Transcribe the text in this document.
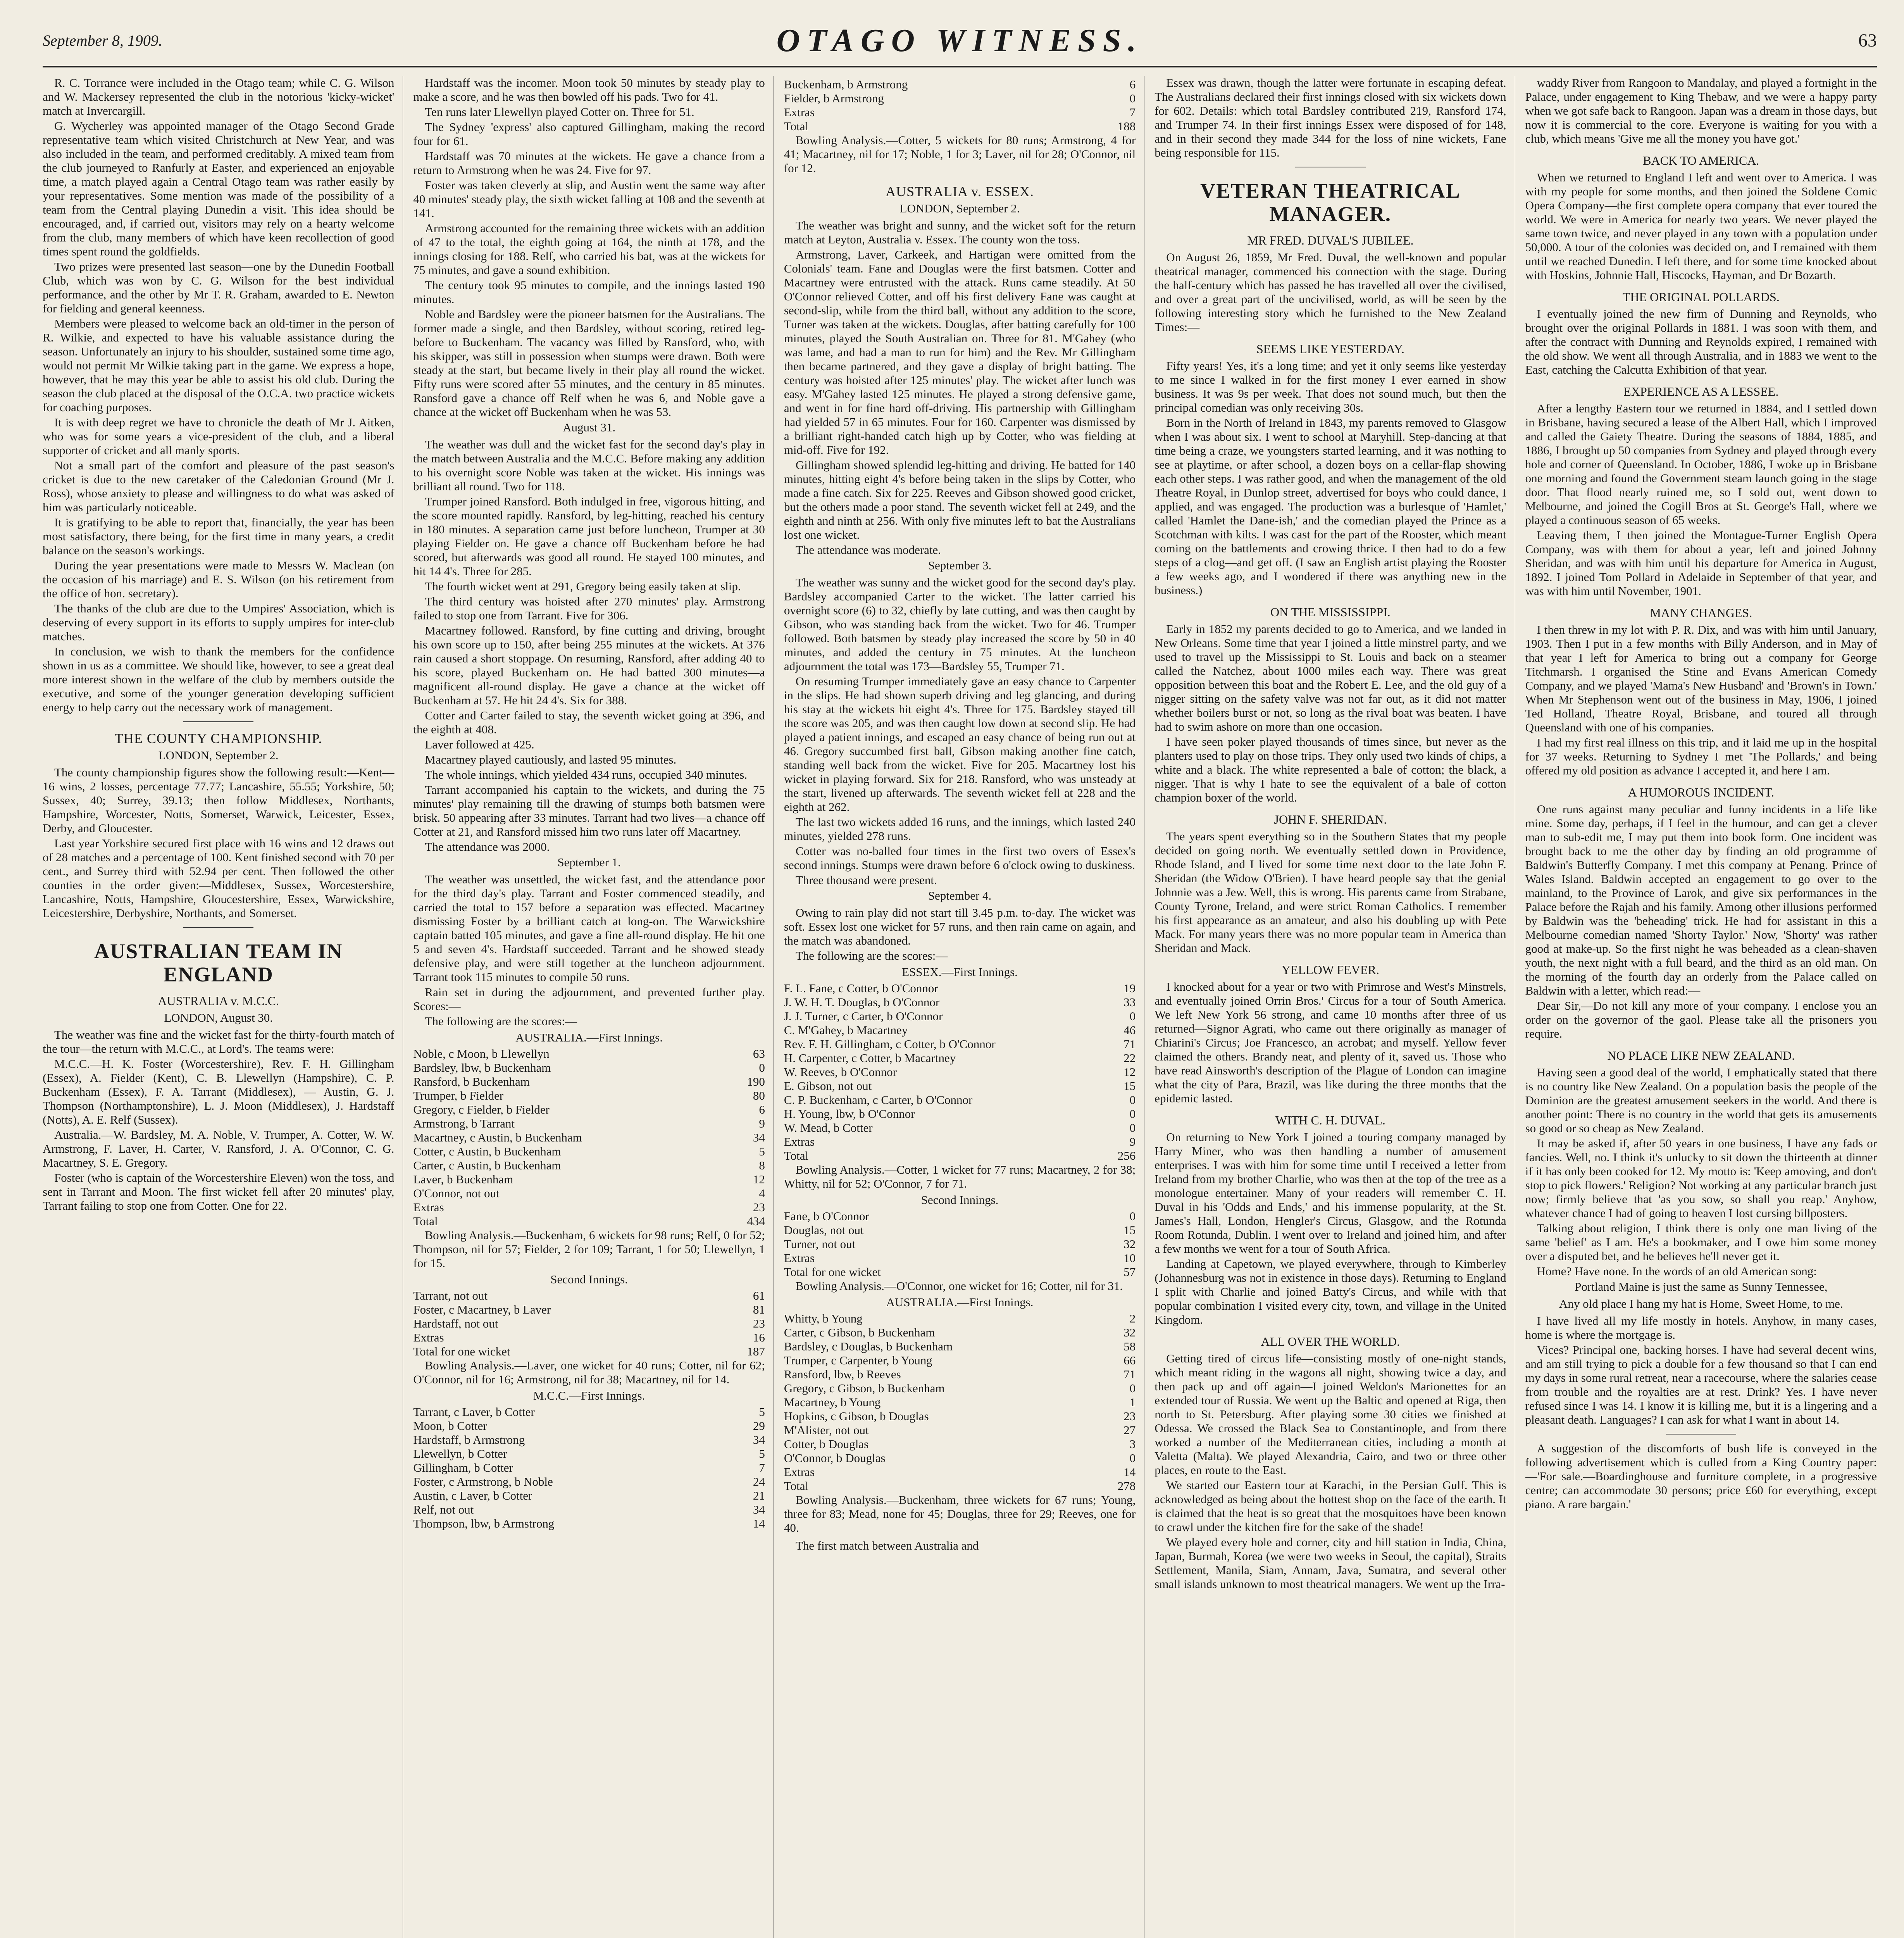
September 8, 1909.	OTAGO WITNESS.	63

R. C. Torrance were included in the Otago team; while C. G. Wilson and W. Mackersey represented the club in the notorious 'kicky-wicket' match at Invercargill.

G. Wycherley was appointed manager of the Otago Second Grade representative team which visited Christchurch at New Year, and was also included in the team, and performed creditably. A mixed team from the club journeyed to Ranfurly at Easter, and experienced an enjoyable time, a match played again a Central Otago team was rather easily by your representatives. Some mention was made of the possibility of a team from the Central playing Dunedin a visit. This idea should be encouraged, and, if carried out, visitors may rely on a hearty welcome from the club, many members of which have keen recollection of good times spent round the goldfields.

Two prizes were presented last season—one by the Dunedin Football Club, which was won by C. G. Wilson for the best individual performance, and the other by Mr T. R. Graham, awarded to E. Newton for fielding and general keenness.

Members were pleased to welcome back an old-timer in the person of R. Wilkie, and expected to have his valuable assistance during the season. Unfortunately an injury to his shoulder, sustained some time ago, would not permit Mr Wilkie taking part in the game. We express a hope, however, that he may this year be able to assist his old club. During the season the club placed at the disposal of the O.C.A. two practice wickets for coaching purposes.

It is with deep regret we have to chronicle the death of Mr J. Aitken, who was for some years a vice-president of the club, and a liberal supporter of cricket and all manly sports.

Not a small part of the comfort and pleasure of the past season's cricket is due to the new caretaker of the Caledonian Ground (Mr J. Ross), whose anxiety to please and willingness to do what was asked of him was particularly noticeable.

It is gratifying to be able to report that, financially, the year has been most satisfactory, there being, for the first time in many years, a credit balance on the season's workings.

During the year presentations were made to Messrs W. Maclean (on the occasion of his marriage) and E. S. Wilson (on his retirement from the office of hon. secretary).

The thanks of the club are due to the Umpires' Association, which is deserving of every support in its efforts to supply umpires for inter-club matches.

In conclusion, we wish to thank the members for the confidence shown in us as a committee. We should like, however, to see a great deal more interest shown in the welfare of the club by members outside the executive, and some of the younger generation developing sufficient energy to help carry out the necessary work of management.

THE COUNTY CHAMPIONSHIP.
LONDON, September 2.

The county championship figures show the following result:—Kent—16 wins, 2 losses, percentage 77.77; Lancashire, 55.55; Yorkshire, 50; Sussex, 40; Surrey, 39.13; then follow Middlesex, Northants, Hampshire, Worcester, Notts, Somerset, Warwick, Leicester, Essex, Derby, and Gloucester.

Last year Yorkshire secured first place with 16 wins and 12 draws out of 28 matches and a percentage of 100. Kent finished second with 70 per cent., and Surrey third with 52.94 per cent. Then followed the other counties in the order given:—Middlesex, Sussex, Worcestershire, Lancashire, Notts, Hampshire, Gloucestershire, Essex, Warwickshire, Leicestershire, Derbyshire, Northants, and Somerset.

AUSTRALIAN TEAM IN ENGLAND
AUSTRALIA v. M.C.C.
LONDON, August 30.

The weather was fine and the wicket fast for the thirty-fourth match of the tour—the return with M.C.C., at Lord's. The teams were:

M.C.C.—H. K. Foster (Worcestershire), Rev. F. H. Gillingham (Essex), A. Fielder (Kent), C. B. Llewellyn (Hampshire), C. P. Buckenham (Essex), F. A. Tarrant (Middlesex), — Austin, G. J. Thompson (Northamptonshire), L. J. Moon (Middlesex), J. Hardstaff (Notts), A. E. Relf (Sussex).

Australia.—W. Bardsley, M. A. Noble, V. Trumper, A. Cotter, W. W. Armstrong, F. Laver, H. Carter, V. Ransford, J. A. O'Connor, C. G. Macartney, S. E. Gregory.

Foster (who is captain of the Worcestershire Eleven) won the toss, and sent in Tarrant and Moon. The first wicket fell after 20 minutes' play, Tarrant failing to stop one from Cotter. One for 22.

Hardstaff was the incomer. Moon took 50 minutes by steady play to make a score, and he was then bowled off his pads. Two for 41.

Ten runs later Llewellyn played Cotter on. Three for 51.

The Sydney 'express' also captured Gillingham, making the record four for 61.

Hardstaff was 70 minutes at the wickets. He gave a chance from a return to Armstrong when he was 24. Five for 97.

Foster was taken cleverly at slip, and Austin went the same way after 40 minutes' steady play, the sixth wicket falling at 108 and the seventh at 141.

Armstrong accounted for the remaining three wickets with an addition of 47 to the total, the eighth going at 164, the ninth at 178, and the innings closing for 188. Relf, who carried his bat, was at the wickets for 75 minutes, and gave a sound exhibition.

The century took 95 minutes to compile, and the innings lasted 190 minutes.

Noble and Bardsley were the pioneer batsmen for the Australians. The former made a single, and then Bardsley, without scoring, retired leg-before to Buckenham. The vacancy was filled by Ransford, who, with his skipper, was still in possession when stumps were drawn. Both were steady at the start, but became lively in their play all round the wicket. Fifty runs were scored after 55 minutes, and the century in 85 minutes. Ransford gave a chance off Relf when he was 6, and Noble gave a chance at the wicket off Buckenham when he was 53.

August 31.

The weather was dull and the wicket fast for the second day's play in the match between Australia and the M.C.C. Before making any addition to his overnight score Noble was taken at the wicket. His innings was brilliant all round. Two for 118.

Trumper joined Ransford. Both indulged in free, vigorous hitting, and the score mounted rapidly. Ransford, by leg-hitting, reached his century in 180 minutes. A separation came just before luncheon, Trumper at 30 playing Fielder on. He gave a chance off Buckenham before he had scored, but afterwards was good all round. He stayed 100 minutes, and hit 14 4's. Three for 285.

The fourth wicket went at 291, Gregory being easily taken at slip.

The third century was hoisted after 270 minutes' play. Armstrong failed to stop one from Tarrant. Five for 306.

Macartney followed. Ransford, by fine cutting and driving, brought his own score up to 150, after being 255 minutes at the wickets. At 376 rain caused a short stoppage. On resuming, Ransford, after adding 40 to his score, played Buckenham on. He had batted 300 minutes—a magnificent all-round display. He gave a chance at the wicket off Buckenham at 57. He hit 24 4's. Six for 388.

Cotter and Carter failed to stay, the seventh wicket going at 396, and the eighth at 408.

Laver followed at 425.

Macartney played cautiously, and lasted 95 minutes.

The whole innings, which yielded 434 runs, occupied 340 minutes.

Tarrant accompanied his captain to the wickets, and during the 75 minutes' play remaining till the drawing of stumps both batsmen were brisk. 50 appearing after 33 minutes. Tarrant had two lives—a chance off Cotter at 21, and Ransford missed him two runs later off Macartney.

The attendance was 2000.

September 1.

The weather was unsettled, the wicket fast, and the attendance poor for the third day's play. Tarrant and Foster commenced steadily, and carried the total to 157 before a separation was effected. Macartney dismissing Foster by a brilliant catch at long-on. The Warwickshire captain batted 105 minutes, and gave a fine all-round display. He hit one 5 and seven 4's. Hardstaff succeeded. Tarrant and he showed steady defensive play, and were still together at the luncheon adjournment. Tarrant took 115 minutes to compile 50 runs.

Rain set in during the adjournment, and prevented further play. Scores:—

The following are the scores:—

AUSTRALIA.—First Innings.
Noble, c Moon, b Llewellyn	63
Bardsley, lbw, b Buckenham	0
Ransford, b Buckenham	190
Trumper, b Fielder	80
Gregory, c Fielder, b Fielder	6
Armstrong, b Tarrant	9
Macartney, c Austin, b Buckenham	34
Cotter, c Austin, b Buckenham	5
Carter, c Austin, b Buckenham	8
Laver, b Buckenham	12
O'Connor, not out	4
Extras	23
Total	434

Bowling Analysis.—Buckenham, 6 wickets for 98 runs; Relf, 0 for 52; Thompson, nil for 57; Fielder, 2 for 109; Tarrant, 1 for 50; Llewellyn, 1 for 15.

Second Innings.
Tarrant, not out	61
Foster, c Macartney, b Laver	81
Hardstaff, not out	23
Extras	16
Total for one wicket	187

Bowling Analysis.—Laver, one wicket for 40 runs; Cotter, nil for 62; O'Connor, nil for 16; Armstrong, nil for 38; Macartney, nil for 14.

M.C.C.—First Innings.
Tarrant, c Laver, b Cotter	5
Moon, b Cotter	29
Hardstaff, b Armstrong	34
Llewellyn, b Cotter	5
Gillingham, b Cotter	7
Foster, c Armstrong, b Noble	24
Austin, c Laver, b Cotter	21
Relf, not out	34
Thompson, lbw, b Armstrong	14
Buckenham, b Armstrong	6
Fielder, b Armstrong	0
Extras	7
Total	188

Bowling Analysis.—Cotter, 5 wickets for 80 runs; Armstrong, 4 for 41; Macartney, nil for 17; Noble, 1 for 3; Laver, nil for 28; O'Connor, nil for 12.

AUSTRALIA v. ESSEX.
LONDON, September 2.

The weather was bright and sunny, and the wicket soft for the return match at Leyton, Australia v. Essex. The county won the toss.

Armstrong, Laver, Carkeek, and Hartigan were omitted from the Colonials' team. Fane and Douglas were the first batsmen. Cotter and Macartney were entrusted with the attack. Runs came steadily. At 50 O'Connor relieved Cotter, and off his first delivery Fane was caught at second-slip, while from the third ball, without any addition to the score, Turner was taken at the wickets. Douglas, after batting carefully for 100 minutes, played the South Australian on. Three for 81. M'Gahey (who was lame, and had a man to run for him) and the Rev. Mr Gillingham then became partnered, and they gave a display of bright batting. The century was hoisted after 125 minutes' play. The wicket after lunch was easy. M'Gahey lasted 125 minutes. He played a strong defensive game, and went in for fine hard off-driving. His partnership with Gillingham had yielded 57 in 65 minutes. Four for 160. Carpenter was dismissed by a brilliant right-handed catch high up by Cotter, who was fielding at mid-off. Five for 192.

Gillingham showed splendid leg-hitting and driving. He batted for 140 minutes, hitting eight 4's before being taken in the slips by Cotter, who made a fine catch. Six for 225. Reeves and Gibson showed good cricket, but the others made a poor stand. The seventh wicket fell at 249, and the eighth and ninth at 256. With only five minutes left to bat the Australians lost one wicket.

The attendance was moderate.

September 3.

The weather was sunny and the wicket good for the second day's play. Bardsley accompanied Carter to the wicket. The latter carried his overnight score (6) to 32, chiefly by late cutting, and was then caught by Gibson, who was standing back from the wicket. Two for 46. Trumper followed. Both batsmen by steady play increased the score by 50 in 40 minutes, and added the century in 75 minutes. At the luncheon adjournment the total was 173—Bardsley 55, Trumper 71.

On resuming Trumper immediately gave an easy chance to Carpenter in the slips. He had shown superb driving and leg glancing, and during his stay at the wickets hit eight 4's. Three for 175. Bardsley stayed till the score was 205, and was then caught low down at second slip. He had played a patient innings, and escaped an easy chance of being run out at 46. Gregory succumbed first ball, Gibson making another fine catch, standing well back from the wicket. Five for 205. Macartney lost his wicket in playing forward. Six for 218. Ransford, who was unsteady at the start, livened up afterwards. The seventh wicket fell at 228 and the eighth at 262.

The last two wickets added 16 runs, and the innings, which lasted 240 minutes, yielded 278 runs.

Cotter was no-balled four times in the first two overs of Essex's second innings. Stumps were drawn before 6 o'clock owing to duskiness.

Three thousand were present.

September 4.

Owing to rain play did not start till 3.45 p.m. to-day. The wicket was soft. Essex lost one wicket for 57 runs, and then rain came on again, and the match was abandoned.

The following are the scores:—

ESSEX.—First Innings.
F. L. Fane, c Cotter, b O'Connor	19
J. W. H. T. Douglas, b O'Connor	33
J. J. Turner, c Carter, b O'Connor	0
C. M'Gahey, b Macartney	46
Rev. F. H. Gillingham, c Cotter, b O'Connor	71
H. Carpenter, c Cotter, b Macartney	22
W. Reeves, b O'Connor	12
E. Gibson, not out	15
C. P. Buckenham, c Carter, b O'Connor	0
H. Young, lbw, b O'Connor	0
W. Mead, b Cotter	0
Extras	9
Total	256

Bowling Analysis.—Cotter, 1 wicket for 77 runs; Macartney, 2 for 38; Whitty, nil for 52; O'Connor, 7 for 71.

Second Innings.
Fane, b O'Connor	0
Douglas, not out	15
Turner, not out	32
Extras	10
Total for one wicket	57

Bowling Analysis.—O'Connor, one wicket for 16; Cotter, nil for 31.

AUSTRALIA.—First Innings.
Whitty, b Young	2
Carter, c Gibson, b Buckenham	32
Bardsley, c Douglas, b Buckenham	58
Trumper, c Carpenter, b Young	66
Ransford, lbw, b Reeves	71
Gregory, c Gibson, b Buckenham	0
Macartney, b Young	1
Hopkins, c Gibson, b Douglas	23
M'Alister, not out	27
Cotter, b Douglas	3
O'Connor, b Douglas	0
Extras	14
Total	278

Bowling Analysis.—Buckenham, three wickets for 67 runs; Young, three for 83; Mead, none for 45; Douglas, three for 29; Reeves, one for 40.

The first match between Australia and

Essex was drawn, though the latter were fortunate in escaping defeat. The Australians declared their first innings closed with six wickets down for 602. Details: which total Bardsley contributed 219, Ransford 174, and Trumper 74. In their first innings Essex were disposed of for 148, and in their second they made 344 for the loss of nine wickets, Fane being responsible for 115.

VETERAN THEATRICAL MANAGER.
MR FRED. DUVAL'S JUBILEE.

On August 26, 1859, Mr Fred. Duval, the well-known and popular theatrical manager, commenced his connection with the stage. During the half-century which has passed he has travelled all over the civilised, and over a great part of the uncivilised, world, as will be seen by the following interesting story which he furnished to the New Zealand Times:—

SEEMS LIKE YESTERDAY.

Fifty years! Yes, it's a long time; and yet it only seems like yesterday to me since I walked in for the first money I ever earned in show business. It was 9s per week. That does not sound much, but then the principal comedian was only receiving 30s.

Born in the North of Ireland in 1843, my parents removed to Glasgow when I was about six. I went to school at Maryhill. Step-dancing at that time being a craze, we youngsters started learning, and it was nothing to see at playtime, or after school, a dozen boys on a cellar-flap showing each other steps. I was rather good, and when the management of the old Theatre Royal, in Dunlop street, advertised for boys who could dance, I applied, and was engaged. The production was a burlesque of 'Hamlet,' called 'Hamlet the Dane-ish,' and the comedian played the Prince as a Scotchman with kilts. I was cast for the part of the Rooster, which meant coming on the battlements and crowing thrice. I then had to do a few steps of a clog—and get off. (I saw an English artist playing the Rooster a few weeks ago, and I wondered if there was anything new in the business.)

ON THE MISSISSIPPI.

Early in 1852 my parents decided to go to America, and we landed in New Orleans. Some time that year I joined a little minstrel party, and we used to travel up the Mississippi to St. Louis and back on a steamer called the Natchez, about 1000 miles each way. There was great opposition between this boat and the Robert E. Lee, and the old guy of a nigger sitting on the safety valve was not far out, as it did not matter whether boilers burst or not, so long as the rival boat was beaten. I have had to swim ashore on more than one occasion.

I have seen poker played thousands of times since, but never as the planters used to play on those trips. They only used two kinds of chips, a white and a black. The white represented a bale of cotton; the black, a nigger. That is why I hate to see the equivalent of a bale of cotton champion boxer of the world.

JOHN F. SHERIDAN.

The years spent everything so in the Southern States that my people decided on going north. We eventually settled down in Providence, Rhode Island, and I lived for some time next door to the late John F. Sheridan (the Widow O'Brien). I have heard people say that the genial Johnnie was a Jew. Well, this is wrong. His parents came from Strabane, County Tyrone, Ireland, and were strict Roman Catholics. I remember his first appearance as an amateur, and also his doubling up with Pete Mack. For many years there was no more popular team in America than Sheridan and Mack.

YELLOW FEVER.

I knocked about for a year or two with Primrose and West's Minstrels, and eventually joined Orrin Bros.' Circus for a tour of South America. We left New York 56 strong, and came 10 months after three of us returned—Signor Agrati, who came out there originally as manager of Chiarini's Circus; Joe Francesco, an acrobat; and myself. Yellow fever claimed the others. Brandy neat, and plenty of it, saved us. Those who have read Ainsworth's description of the Plague of London can imagine what the city of Para, Brazil, was like during the three months that the epidemic lasted.

WITH C. H. DUVAL.

On returning to New York I joined a touring company managed by Harry Miner, who was then handling a number of amusement enterprises. I was with him for some time until I received a letter from Ireland from my brother Charlie, who was then at the top of the tree as a monologue entertainer. Many of your readers will remember C. H. Duval in his 'Odds and Ends,' and his immense popularity, at the St. James's Hall, London, Hengler's Circus, Glasgow, and the Rotunda Room Rotunda, Dublin. I went over to Ireland and joined him, and after a few months we went for a tour of South Africa.

Landing at Capetown, we played everywhere, through to Kimberley (Johannesburg was not in existence in those days). Returning to England I split with Charlie and joined Batty's Circus, and while with that popular combination I visited every city, town, and village in the United Kingdom.

ALL OVER THE WORLD.

Getting tired of circus life—consisting mostly of one-night stands, which meant riding in the wagons all night, showing twice a day, and then pack up and off again—I joined Weldon's Marionettes for an extended tour of Russia. We went up the Baltic and opened at Riga, then north to St. Petersburg. After playing some 30 cities we finished at Odessa. We crossed the Black Sea to Constantinople, and from there worked a number of the Mediterranean cities, including a month at Valetta (Malta). We played Alexandria, Cairo, and two or three other places, en route to the East.

We started our Eastern tour at Karachi, in the Persian Gulf. This is acknowledged as being about the hottest shop on the face of the earth. It is claimed that the heat is so great that the mosquitoes have been known to crawl under the kitchen fire for the sake of the shade!

We played every hole and corner, city and hill station in India, China, Japan, Burmah, Korea (we were two weeks in Seoul, the capital), Straits Settlement, Manila, Siam, Annam, Java, Sumatra, and several other small islands unknown to most theatrical managers. We went up the Irra-

waddy River from Rangoon to Mandalay, and played a fortnight in the Palace, under engagement to King Thebaw, and we were a happy party when we got safe back to Rangoon. Japan was a dream in those days, but now it is commercial to the core. Everyone is waiting for you with a club, which means 'Give me all the money you have got.'

BACK TO AMERICA.

When we returned to England I left and went over to America. I was with my people for some months, and then joined the Soldene Comic Opera Company—the first complete opera company that ever toured the world. We were in America for nearly two years. We never played the same town twice, and never played in any town with a population under 50,000. A tour of the colonies was decided on, and I remained with them until we reached Dunedin. I left there, and for some time knocked about with Hoskins, Johnnie Hall, Hiscocks, Hayman, and Dr Bozarth.

THE ORIGINAL POLLARDS.

I eventually joined the new firm of Dunning and Reynolds, who brought over the original Pollards in 1881. I was soon with them, and after the contract with Dunning and Reynolds expired, I remained with the old show. We went all through Australia, and in 1883 we went to the East, catching the Calcutta Exhibition of that year.

EXPERIENCE AS A LESSEE.

After a lengthy Eastern tour we returned in 1884, and I settled down in Brisbane, having secured a lease of the Albert Hall, which I improved and called the Gaiety Theatre. During the seasons of 1884, 1885, and 1886, I brought up 50 companies from Sydney and played through every hole and corner of Queensland. In October, 1886, I woke up in Brisbane one morning and found the Government steam launch going in the stage door. That flood nearly ruined me, so I sold out, went down to Melbourne, and joined the Cogill Bros at St. George's Hall, where we played a continuous season of 65 weeks.

Leaving them, I then joined the Montague-Turner English Opera Company, was with them for about a year, left and joined Johnny Sheridan, and was with him until his departure for America in August, 1892. I joined Tom Pollard in Adelaide in September of that year, and was with him until November, 1901.

MANY CHANGES.

I then threw in my lot with P. R. Dix, and was with him until January, 1903. Then I put in a few months with Billy Anderson, and in May of that year I left for America to bring out a company for George Titchmarsh. I organised the Stine and Evans American Comedy Company, and we played 'Mama's New Husband' and 'Brown's in Town.' When Mr Stephenson went out of the business in May, 1906, I joined Ted Holland, Theatre Royal, Brisbane, and toured all through Queensland with one of his companies.

I had my first real illness on this trip, and it laid me up in the hospital for 37 weeks. Returning to Sydney I met 'The Pollards,' and being offered my old position as advance I accepted it, and here I am.

A HUMOROUS INCIDENT.

One runs against many peculiar and funny incidents in a life like mine. Some day, perhaps, if I feel in the humour, and can get a clever man to sub-edit me, I may put them into book form. One incident was brought back to me the other day by finding an old programme of Baldwin's Butterfly Company. I met this company at Penang. Prince of Wales Island. Baldwin accepted an engagement to go over to the mainland, to the Province of Larok, and give six performances in the Palace before the Rajah and his family. Among other illusions performed by Baldwin was the 'beheading' trick. He had for assistant in this a Melbourne comedian named 'Shorty Taylor.' Now, 'Shorty' was rather good at make-up. So the first night he was beheaded as a clean-shaven youth, the next night with a full beard, and the third as an old man. On the morning of the fourth day an orderly from the Palace called on Baldwin with a letter, which read:—

Dear Sir,—Do not kill any more of your company. I enclose you an order on the governor of the gaol. Please take all the prisoners you require.

NO PLACE LIKE NEW ZEALAND.

Having seen a good deal of the world, I emphatically stated that there is no country like New Zealand. On a population basis the people of the Dominion are the greatest amusement seekers in the world. And there is another point: There is no country in the world that gets its amusements so good or so cheap as New Zealand.

It may be asked if, after 50 years in one business, I have any fads or fancies. Well, no. I think it's unlucky to sit down the thirteenth at dinner if it has only been cooked for 12. My motto is: 'Keep amoving, and don't stop to pick flowers.' Religion? Not working at any particular branch just now; firmly believe that 'as you sow, so shall you reap.' Anyhow, whatever chance I had of going to heaven I lost cursing billposters.

Talking about religion, I think there is only one man living of the same 'belief' as I am. He's a bookmaker, and I owe him some money over a disputed bet, and he believes he'll never get it.

Home? Have none. In the words of an old American song:

Portland Maine is just the same as Sunny Tennessee,
Any old place I hang my hat is Home, Sweet Home, to me.

I have lived all my life mostly in hotels. Anyhow, in many cases, home is where the mortgage is.

Vices? Principal one, backing horses. I have had several decent wins, and am still trying to pick a double for a few thousand so that I can end my days in some rural retreat, near a racecourse, where the salaries cease from trouble and the royalties are at rest. Drink? Yes. I have never refused since I was 14. I know it is killing me, but it is a lingering and a pleasant death. Languages? I can ask for what I want in about 14.

A suggestion of the discomforts of bush life is conveyed in the following advertisement which is culled from a King Country paper:—'For sale.—Boardinghouse and furniture complete, in a progressive centre; can accommodate 30 persons; price £60 for everything, except piano. A rare bargain.'
